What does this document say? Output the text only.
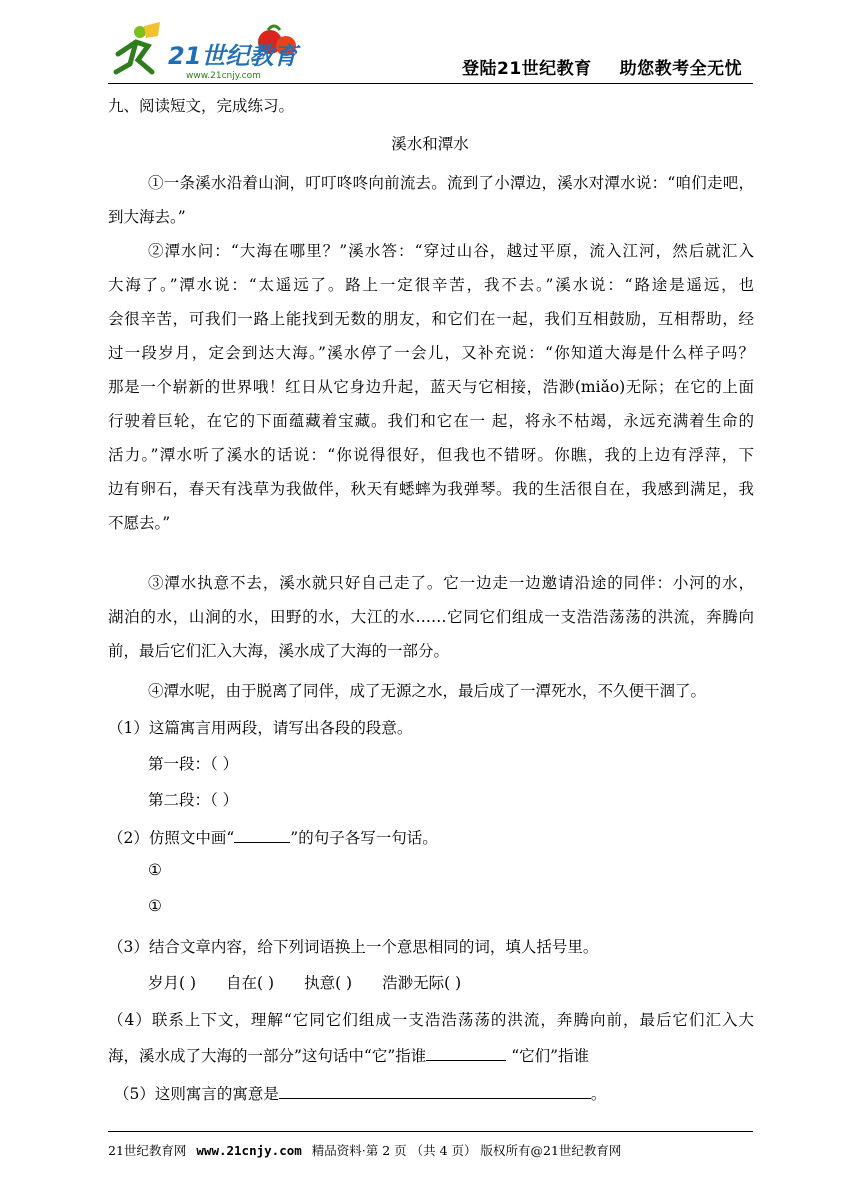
21世纪教育
www.21cnjy.com	登陆21世纪教育 助您教考全无忧
九、阅读短文，完成练习。
溪水和潭水
①一条溪水沿着山涧，叮叮咚咚向前流去。流到了小潭边，溪水对潭水说：“咱们走吧，
到大海去。”
②潭水问：“大海在哪里？”溪水答：“穿过山谷，越过平原，流入江河，然后就汇入
大海了。”潭水说：“太遥远了。路上一定很辛苦，我不去。”溪水说：“路途是遥远，也
会很辛苦，可我们一路上能找到无数的朋友，和它们在一起，我们互相鼓励，互相帮助，经
过一段岁月，定会到达大海。”溪水停了一会儿，又补充说：“你知道大海是什么样子吗？
那是一个崭新的世界哦！红日从它身边升起，蓝天与它相接，浩渺(miǎo)无际；在它的上面
行驶着巨轮，在它的下面蕴藏着宝藏。我们和它在一 起，将永不枯竭，永远充满着生命的
活力。”潭水听了溪水的话说：“你说得很好，但我也不错呀。你瞧，我的上边有浮萍，下
边有卵石，春天有浅草为我做伴，秋天有蟋蟀为我弹琴。我的生活很自在，我感到满足，我
不愿去。”
③潭水执意不去，溪水就只好自己走了。它一边走一边邀请沿途的同伴：小河的水，
湖泊的水，山涧的水，田野的水，大江的水……它同它们组成一支浩浩荡荡的洪流，奔腾向
前，最后它们汇入大海，溪水成了大海的一部分。
④潭水呢，由于脱离了同伴，成了无源之水，最后成了一潭死水，不久便干涸了。
（1）这篇寓言用两段，请写出各段的段意。
第一段：（ ）
第二段：（ ）
（2）仿照文中画“	”的句子各写一句话。
①
①
（3）结合文章内容，给下列词语换上一个意思相同的词，填人括号里。
岁月( ) 自在( ) 执意( ) 浩渺无际( )
（4）联系上下文，理解“它同它们组成一支浩浩荡荡的洪流，奔腾向前，最后它们汇入大
海，溪水成了大海的一部分”这句话中“它”指谁	“它们”指谁
（5）这则寓言的寓意是	。
21世纪教育网 www.21cnjy.com 精品资料·第 2 页 （共 4 页） 版权所有@21世纪教育网
